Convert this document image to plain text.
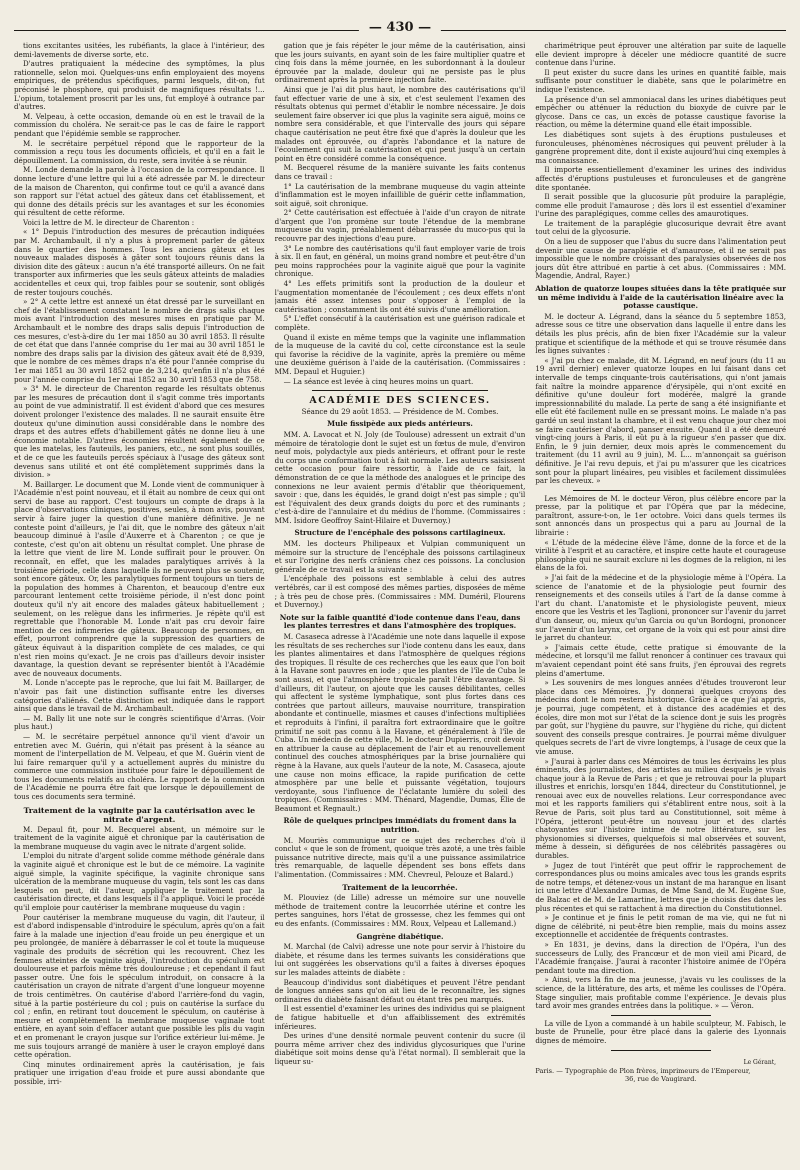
— 430 —

tions excitantes usitées, les rubéfiants, la glace à l'intérieur, des demi-lavements de diverse sorte, etc.

D'autres pratiquaient la médecine des symptômes, la plus rationnelle, selon moi. Quelques-uns enfin employaient des moyens empiriques, de prétendus spécifiques, parmi lesquels, dit-on, fut préconisé le phosphore, qui produisit de magnifiques résultats !... L'opium, totalement proscrit par les uns, fut employé à outrance par d'autres.

M. Velpeau, à cette occasion, demande où en est le travail de la commission du choléra. Ne serait-ce pas le cas de faire le rapport pendant que l'épidémie semble se rapprocher.

M. le secrétaire perpétuel répond que le rapporteur de la commission a reçu tous les documents officiels, et qu'il en a fait le dépouillement. La commission, du reste, sera invitée à se réunir.

M. Londe demande la parole à l'occasion de la correspondance. Il donne lecture d'une lettre qui lui a été adressée par M. le directeur de la maison de Charenton, qui confirme tout ce qu'il a avancé dans son rapport sur l'état actuel des gâteux dans cet établissement, et qui donne des détails précis sur les avantages et sur les économies qui résultent de cette réforme.

Voici la lettre de M. le directeur de Charenton :

« 1° Depuis l'introduction des mesures de précaution indiquées par M. Archambault, il n'y a plus à proprement parler de gâteux dans le quartier des hommes. Tous les anciens gâteux et les nouveaux malades disposés à gâter sont toujours réunis dans la division dite des gâteux : aucun n'a été transporté ailleurs. On ne fait transporter aux infirmeries que les seuls gâteux atteints de maladies accidentelles et ceux qui, trop faibles pour se soutenir, sont obligés de rester toujours couchés.

» 2° A cette lettre est annexé un état dressé par le surveillant en chef de l'établissement constatant le nombre de draps salis chaque mois avant l'introduction des mesures mises en pratique par M. Archambault et le nombre des draps salis depuis l'introduction de ces mesures, c'est-à-dire du 1er mai 1850 au 30 avril 1853. Il résulte de cet état que dans l'année comprise du 1er mai au 30 avril 1851 le nombre des draps salis par la division des gâteux avait été de 8,939, que le nombre de ces mêmes draps n'a été pour l'année comprise du 1er mai 1851 au 30 avril 1852 que de 3,214, qu'enfin il n'a plus été pour l'année comprise du 1er mai 1852 au 30 avril 1853 que de 758.

» 3° M. le directeur de Charenton regarde les résultats obtenus par les mesures de précaution dont il s'agit comme très importants au point de vue administratif. Il est évident d'abord que ces mesures doivent prolonger l'existence des malades. Il ne saurait ensuite être douteux qu'une diminution aussi considérable dans le nombre des draps et des autres effets d'habillement gâtés ne donne lieu à une économie notable. D'autres économies résultent également de ce que les matelas, les fauteuils, les paniers, etc., ne sont plus souillés, et de ce que les fauteuils percés spéciaux à l'usage des gâteux sont devenus sans utilité et ont été complètement supprimés dans la division. »

M. Baillarger. Le document que M. Londe vient de communiquer à l'Académie n'est point nouveau, et il était au nombre de ceux qui ont servi de base au rapport. C'est toujours un compte de draps à la place d'observations cliniques, positives, seules, à mon avis, pouvant servir à faire juger la question d'une manière définitive. Je ne conteste point d'ailleurs, je l'ai dit, que le nombre des gâteux n'ait beaucoup diminué à l'asile d'Auxerre et à Charenton ; ce que je conteste, c'est qu'on ait obtenu un résultat complet. Une phrase de la lettre que vient de lire M. Londe suffirait pour le prouver. On reconnaît, en effet, que les malades paralytiques arrivés à la troisième période, celle dans laquelle ils ne peuvent plus se soutenir, sont encore gâteux. Or, les paralytiques forment toujours un tiers de la population des hommes à Charenton, et beaucoup d'entre eux parcourant lentement cette troisième période, il n'est donc point douteux qu'il n'y ait encore des malades gâteux habituellement ; seulement, on les relègue dans les infirmeries. Je répète qu'il est regrettable que l'honorable M. Londe n'ait pas cru devoir faire mention de ces infirmeries de gâteux. Beaucoup de personnes, en effet, pourront comprendre que la suppression des quartiers de gâteux équivaut à la disparition complète de ces malades, ce qui n'est rien moins qu'exact. Je ne crois pas d'ailleurs devoir insister davantage, la question devant se représenter bientôt à l'Académie avec de nouveaux documents.

M. Londe n'accepte pas le reproche, que lui fait M. Baillarger, de n'avoir pas fait une distinction suffisante entre les diverses catégories d'aliénés. Cette distinction est indiquée dans le rapport ainsi que dans le travail de M. Archambault.

— M. Bally lit une note sur le congrès scientifique d'Arras. (Voir plus haut.)

— M. le secrétaire perpétuel annonce qu'il vient d'avoir un entretien avec M. Guérin, qui n'était pas présent à la séance au moment de l'interpellation de M. Velpeau, et que M. Guérin vient de lui faire remarquer qu'il y a actuellement auprès du ministre du commerce une commission instituée pour faire le dépouillement de tous les documents relatifs au choléra. Le rapport de la commission de l'Académie ne pourra être fait que lorsque le dépouillement de tous ces documents sera terminé.

Traitement de la vaginite par la cautérisation avec le nitrate d'argent.

M. Depaul fit, pour M. Becquerel absent, un mémoire sur le traitement de la vaginite aiguë et chronique par la cautérisation de la membrane muqueuse du vagin avec le nitrate d'argent solide.

L'emploi du nitrate d'argent solide comme méthode générale dans la vaginite aiguë et chronique est le but de ce mémoire. La vaginite aiguë simple, la vaginite spécifique, la vaginite chronique sans ulcération de la membrane muqueuse du vagin, tels sont les cas dans lesquels on peut, dit l'auteur, appliquer le traitement par la cautérisation directe, et dans lesquels il l'a appliqué. Voici le procédé qu'il emploie pour cautériser la membrane muqueuse du vagin :

Pour cautériser la membrane muqueuse du vagin, dit l'auteur, il est d'abord indispensable d'introduire le spéculum, après qu'on a fait faire à la malade une injection d'eau froide un peu énergique et un peu prolongée, de manière à débarrasser le col et toute la muqueuse vaginale des produits de sécrétion qui les recouvrent. Chez les femmes atteintes de vaginite aiguë, l'introduction du spéculum est douloureuse et parfois même très douloureuse ; et cependant il faut passer outre. Une fois le spéculum introduit, on consacre à la cautérisation un crayon de nitrate d'argent d'une longueur moyenne de trois centimètres. On cautérise d'abord l'arrière-fond du vagin, situé à la partie postérieure du col ; puis on cautérise la surface du col ; enfin, en retirant tout doucement le spéculum, on cautérise à mesure et complètement la membrane muqueuse vaginale tout entière, en ayant soin d'effacer autant que possible les plis du vagin et en promenant le crayon jusque sur l'orifice extérieur lui-même. Je me suis toujours arrangé de manière à user le crayon employé dans cette opération.

Cinq minutes ordinairement après la cautérisation, je fais pratiquer une irrigation d'eau froide et pure aussi abondante que possible, irri-

gation que je fais répéter le jour même de la cautérisation, ainsi que les jours suivants, en ayant soin de les faire multiplier quatre et cinq fois dans la même journée, en les subordonnant à la douleur éprouvée par la malade, douleur qui ne persiste pas le plus ordinairement après la première injection faite.

Ainsi que je l'ai dit plus haut, le nombre des cautérisations qu'il faut effectuer varie de une à six, et c'est seulement l'examen des résultats obtenus qui permet d'établir le nombre nécessaire. Je dois seulement faire observer ici que plus la vaginite sera aiguë, moins ce nombre sera considérable, et que l'intervalle des jours qui sépare chaque cautérisation ne peut être fixé que d'après la douleur que les malades ont éprouvée, ou d'après l'abondance et la nature de l'écoulement qui suit la cautérisation et qui peut jusqu'à un certain point en être considéré comme la conséquence.

M. Becquerel résume de la manière suivante les faits contenus dans ce travail :

1° La cautérisation de la membrane muqueuse du vagin atteinte d'inflammation est le moyen infaillible de guérir cette inflammation, soit aiguë, soit chronique.

2° Cette cautérisation est effectuée à l'aide d'un crayon de nitrate d'argent que l'on promène sur toute l'étendue de la membrane muqueuse du vagin, préalablement débarrassée du muco-pus qui la recouvre par des injections d'eau pure.

3° Le nombre des cautérisations qu'il faut employer varie de trois à six. Il en faut, en général, un moins grand nombre et peut-être d'un peu moins rapprochées pour la vaginite aiguë que pour la vaginite chronique.

4° Les effets primitifs sont la production de la douleur et l'augmentation momentanée de l'écoulement ; ces deux effets n'ont jamais été assez intenses pour s'opposer à l'emploi de la cautérisation ; constamment ils ont été suivis d'une amélioration.

5° L'effet consécutif à la cautérisation est une guérison radicale et complète.

Quand il existe en même temps que la vaginite une inflammation de la muqueuse de la cavité du col, cette circonstance est la seule qui favorise la récidive de la vaginite, après la première ou même une deuxième guérison à l'aide de la cautérisation. (Commissaires : MM. Depaul et Huguier.)

— La séance est levée à cinq heures moins un quart.

ACADÉMIE DES SCIENCES.
Séance du 29 août 1853. — Présidence de M. Combes.
Mule fissipède aux pieds antérieurs.

MM. A. Lavocat et N. Joly (de Toulouse) adressent un extrait d'un mémoire de tératologie dont le sujet est un fœtus de mule, d'environ neuf mois, polydactyle aux pieds antérieurs, et offrant pour le reste du corps une conformation tout à fait normale. Les auteurs saisissent cette occasion pour faire ressortir, à l'aide de ce fait, la démonstration de ce que la méthode des analogues et le principe des connexions ne leur avaient permis d'établir que théoriquement, savoir : que, dans les équidés, le grand doigt n'est pas simple ; qu'il est l'équivalent des deux grands doigts du porc et des ruminants ; c'est-à-dire de l'annulaire et du médius de l'homme. (Commissaires : MM. Isidore Geoffroy Saint-Hilaire et Duvernoy.)

Structure de l'encéphale des poissons cartilagineux.

MM. les docteurs Philipeaux et Vulpian communiquent un mémoire sur la structure de l'encéphale des poissons cartilagineux et sur l'origine des nerfs crâniens chez ces poissons. La conclusion générale de ce travail est la suivante :

L'encéphale des poissons est semblable à celui des autres vertébrés, car il est composé des mêmes parties, disposées de même ; à très peu de chose près. (Commissaires : MM. Duméril, Flourens et Duvernoy.)

Note sur la faible quantité d'iode contenue dans l'eau, dans les plantes terrestres et dans l'atmosphère des tropiques.

M. Casaseca adresse à l'Académie une note dans laquelle il expose les résultats de ses recherches sur l'iode contenu dans les eaux, dans les plantes alimentaires et dans l'atmosphère de quelques régions des tropiques. Il résulte de ces recherches que les eaux que l'on boit à la Havane sont pauvres en iode ; que les plantes de l'île de Cuba le sont aussi, et que l'atmosphère tropicale paraît l'être davantage. Si d'ailleurs, dit l'auteur, on ajoute que les causes débilitantes, celles qui affectent le système lymphatique, sont plus fortes dans ces contrées que partout ailleurs, mauvaise nourriture, transpiration abondante et continuelle, miasmes et causes d'infections multipliées et reproduits à l'infini, il paraîtra fort extraordinaire que le goître primitif ne soit pas connu à la Havane, et généralement à l'île de Cuba. Un médecin de cette ville, M. le docteur Dupierris, croit devoir en attribuer la cause au déplacement de l'air et au renouvellement continuel des couches atmosphériques par la brise journalière qui règne à la Havane, aux quels l'auteur de la note, M. Casaseca, ajoute une cause non moins efficace, la rapide purification de cette atmosphère par une belle et puissante végétation, toujours verdoyante, sous l'influence de l'éclatante lumière du soleil des tropiques. (Commissaires : MM. Thénard, Magendie, Dumas, Élie de Beaumont et Regnault.)

Rôle de quelques principes immédiats du froment dans la nutrition.

M. Mouriès communique sur ce sujet des recherches d'où il conclut « que le son de froment, quoique très azoté, a une très faible puissance nutritive directe, mais qu'il a une puissance assimilatrice très remarquable, de laquelle dépendent ses bons effets dans l'alimentation. (Commissaires : MM. Chevreul, Pelouze et Balard.)

Traitement de la leucorrhée.

M. Plouviez (de Lille) adresse un mémoire sur une nouvelle méthode de traitement contre la leucorrhée utérine et contre les pertes sanguines, hors l'état de grossesse, chez les femmes qui ont eu des enfants. (Commissaires : MM. Roux, Velpeau et Lallemand.)

Gangrène diabétique.

M. Marchal (de Calvi) adresse une note pour servir à l'histoire du diabète, et résume dans les termes suivants les considérations que lui ont suggérées les observations qu'il a faites à diverses époques sur les malades atteints de diabète :

Beaucoup d'individus sont diabétiques et peuvent l'être pendant de longues années sans qu'on ait lieu de le reconnaître, les signes ordinaires du diabète faisant défaut ou étant très peu marqués.

Il est essentiel d'examiner les urines des individus qui se plaignent de fatigue habituelle et d'un affaiblissement des extrémités inférieures.

Des urines d'une densité normale peuvent contenir du sucre (il pourra même arriver chez des individus glycosuriques que l'urine diabétique soit moins dense qu'à l'état normal). Il semblerait que la liqueur su-

charimétrique peut éprouver une altération par suite de laquelle elle devient impropre à déceler une médiocre quantité de sucre contenue dans l'urine.

Il peut exister du sucre dans les urines en quantité faible, mais suffisante pour constituer le diabète, sans que le polarimètre en indique l'existence.

La présence d'un sel ammoniacal dans les urines diabétiques peut empêcher ou atténuer la réduction du bioxyde de cuivre par le glycose. Dans ce cas, un excès de potasse caustique favorise la réaction, ou même la détermine quand elle était impossible.

Les diabétiques sont sujets à des éruptions pustuleuses et furonculeuses, phénomènes nécrosiques qui peuvent préluder à la gangrène proprement dite, dont il existe aujourd'hui cinq exemples à ma connaissance.

Il importe essentiellement d'examiner les urines des individus affectés d'éruptions pustuleuses et furonculeuses et de gangrène dite spontanée.

Il serait possible que la glucosurie pût produire la paraplégie, comme elle produit l'amaurose ; dès lors il est essentiel d'examiner l'urine des paraplégiques, comme celles des amaurotiques.

Le traitement de la paraplégie glucosurique devrait être avant tout celui de la glycosurie.

On a lieu de supposer que l'abus du sucre dans l'alimentation peut devenir une cause de paraplégie et d'amaurose, et il ne serait pas impossible que le nombre croissant des paralysies observées de nos jours dût être attribué en partie à cet abus. (Commissaires : MM. Magendie, Andral, Rayer.)

Ablation de quatorze loupes situées dans la tête pratiquée sur un même individu à l'aide de la cautérisation linéaire avec la potasse caustique.

M. le docteur A. Légrand, dans la séance du 5 septembre 1853, adresse sous ce titre une observation dans laquelle il entre dans les détails les plus précis, afin de bien fixer l'Académie sur la valeur pratique et scientifique de la méthode et qui se trouve résumée dans les lignes suivantes :

« J'ai pu chez ce malade, dit M. Légrand, en neuf jours (du 11 au 19 avril dernier) enlever quatorze loupes en lui faisant dans cet intervalle de temps cinquante-trois cautérisations, qui n'ont jamais fait naître la moindre apparence d'érysipèle, qui n'ont excité en définitive qu'une douleur fort modérée, malgré la grande impressionnabilité du malade. La perte de sang a été insignifiante et elle eût été facilement nulle en se pressant moins. Le malade n'a pas gardé un seul instant la chambre, et il est venu chaque jour chez moi se faire cautériser d'abord, panser ensuite. Quand il a été demeuré vingt-cinq jours à Paris, il eût pu à la rigueur s'en passer que dix. Enfin, le 9 juin dernier, deux mois après le commencement du traitement (du 11 avril au 9 juin), M. L... m'annonçait sa guérison définitive. Je l'ai revu depuis, et j'ai pu m'assurer que les cicatrices sont pour la plupart linéaires, peu visibles et facilement dissimulées par les cheveux. »

Les Mémoires de M. le docteur Véron, plus célèbre encore par la presse, par la politique et par l'Opéra que par la médecine, paraîtront, assure-t-on, le 1er octobre. Voici dans quels termes ils sont annoncés dans un prospectus qui a paru au Journal de la librairie :

« L'étude de la médecine élève l'âme, donne de la force et de la virilité à l'esprit et au caractère, et inspire cette haute et courageuse philosophie qui ne saurait exclure ni les dogmes de la religion, ni les élans de la foi.

» J'ai fait de la médecine et de la physiologie même à l'Opéra. La science de l'anatomie et de la physiologie peut fournir des renseignements et des conseils utiles à l'art de la danse comme à l'art du chant. L'anatomiste et le physiologiste peuvent, mieux encore que les Vestris et les Taglioni, prononcer sur l'avenir du jarret d'un danseur, ou, mieux qu'un Garcia ou qu'un Bordogni, prononcer sur l'avenir d'un larynx, cet organe de la voix qui est pour ainsi dire le jarret du chanteur.

» J'aimais cette étude, cette pratique si émouvante de la médecine, et lorsqu'il me fallut renoncer à continuer ces travaux qui m'avaient cependant point été sans fruits, j'en éprouvai des regrets pleins d'amertume.

» Les souvenirs de mes longues années d'études trouveront leur place dans ces Mémoires. J'y donnerai quelques croyons des médecins dont le nom restera historique. Grâce à ce que j'ai appris, je pourrai, juge compétent, et à distance des académies et des écoles, dire mon mot sur l'état de la science dont je suis les progrès par goût, sur l'hygiène du pauvre, sur l'hygiène du riche, qui dictent souvent des conseils presque contraires. Je pourrai même divulguer quelques secrets de l'art de vivre longtemps, à l'usage de ceux que la vie amuse.

» J'aurai à parler dans ces Mémoires de tous les écrivains les plus éminents, des journalistes, des artistes au milieu desquels je vivais chaque jour à la Revue de Paris ; et que je retrouvai pour la plupart illustres et enrichis, lorsqu'en 1844, directeur du Constitutionnel, je renouai avec eux de nouvelles relations. Leur correspondance avec moi et les rapports familiers qui s'établirent entre nous, soit à la Revue de Paris, soit plus tard au Constitutionnel, soit même à l'Opéra, jetteront peut-être un nouveau jour et des clartés chatoyantes sur l'histoire intime de notre littérature, sur les physionomies si diverses, quelquefois si mal observées et souvent, même à dessein, si défigurées de nos célébrités passagères ou durables.

» Jugez de tout l'intérêt que peut offrir le rapprochement de correspondances plus ou moins amicales avec tous les grands esprits de notre temps, et détenez-vous un instant de ma harangue en lisant ici une lettre d'Alexandre Dumas, de Mme Sand, de M. Eugène Sue, de Balzac et de M. de Lamartine, lettres que je choisis des dates les plus récentes et qui se rattachent à ma direction du Constitutionnel.

» Je continue et je finis le petit roman de ma vie, qui ne fut ni digne de célébrité, ni peut-être bien remplie, mais du moins assez exceptionnelle et accidentée de fréquents contrastes.

» En 1831, je devins, dans la direction de l'Opéra, l'un des successeurs de Lully, des Francœur et de mon vieil ami Picard, de l'Académie française. J'aurai à raconter l'histoire animée de l'Opéra pendant toute ma direction.

» Ainsi, vers la fin de ma jeunesse, j'avais vu les coulisses de la science, de la littérature, des arts, et même les coulisses de l'Opéra. Stage singulier, mais profitable comme l'expérience. Je devais plus tard avoir mes grandes entrées dans la politique. » — Véron.

La ville de Lyon a commandé à un habile sculpteur, M. Fabisch, le buste de Prunelle, pour être placé dans la galerie des Lyonnais dignes de mémoire.

Le Gérant,
Paris. — Typographie de Plon frères, imprimeurs de l'Empereur,
36, rue de Vaugirard.
